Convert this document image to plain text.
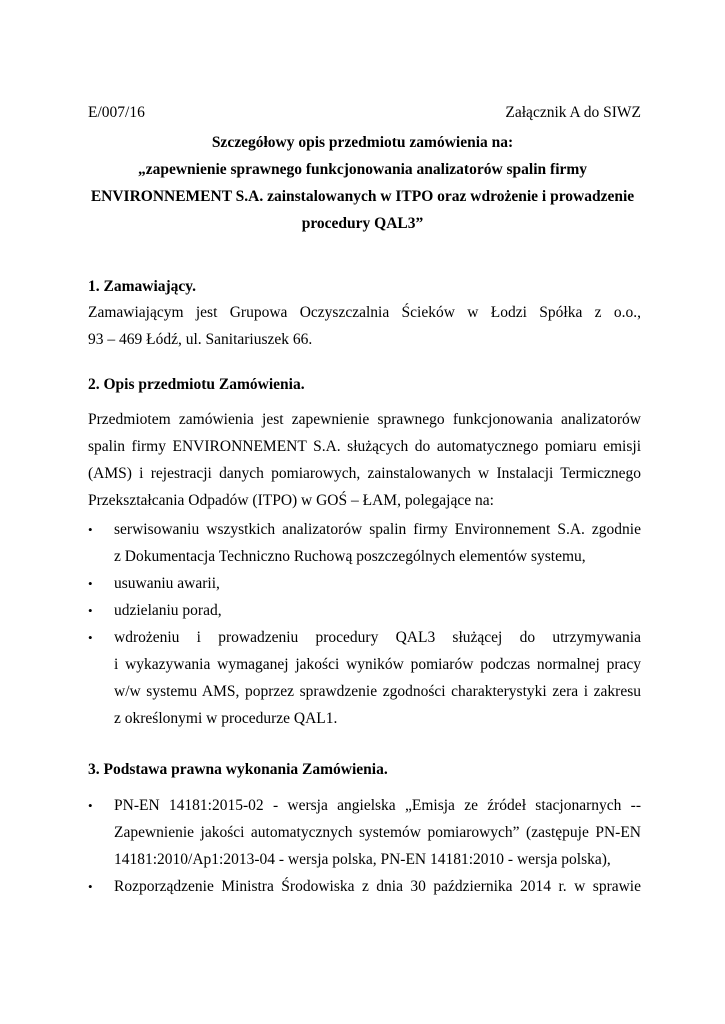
E/007/16	Załącznik A do SIWZ
Szczegółowy opis przedmiotu zamówienia na:
„zapewnienie sprawnego funkcjonowania analizatorów spalin firmy
ENVIRONNEMENT S.A. zainstalowanych w ITPO oraz wdrożenie i prowadzenie
procedury QAL3”
1. Zamawiający.
Zamawiającym jest Grupowa Oczyszczalnia Ścieków w Łodzi Spółka z o.o.,
93 – 469 Łódź, ul. Sanitariuszek 66.
2. Opis przedmiotu Zamówienia.
Przedmiotem zamówienia jest zapewnienie sprawnego funkcjonowania analizatorów
spalin firmy ENVIRONNEMENT S.A. służących do automatycznego pomiaru emisji
(AMS) i rejestracji danych pomiarowych, zainstalowanych w Instalacji Termicznego
Przekształcania Odpadów (ITPO) w GOŚ – ŁAM, polegające na:
• serwisowaniu wszystkich analizatorów spalin firmy Environnement S.A. zgodnie
z Dokumentacja Techniczno Ruchową poszczególnych elementów systemu,
• usuwaniu awarii,
• udzielaniu porad,
• wdrożeniu i prowadzeniu procedury QAL3 służącej do utrzymywania
i wykazywania wymaganej jakości wyników pomiarów podczas normalnej pracy
w/w systemu AMS, poprzez sprawdzenie zgodności charakterystyki zera i zakresu
z określonymi w procedurze QAL1.
3. Podstawa prawna wykonania Zamówienia.
• PN-EN 14181:2015-02 - wersja angielska „Emisja ze źródeł stacjonarnych --
Zapewnienie jakości automatycznych systemów pomiarowych” (zastępuje PN-EN
14181:2010/Ap1:2013-04 - wersja polska, PN-EN 14181:2010 - wersja polska),
• Rozporządzenie Ministra Środowiska z dnia 30 października 2014 r. w sprawie
